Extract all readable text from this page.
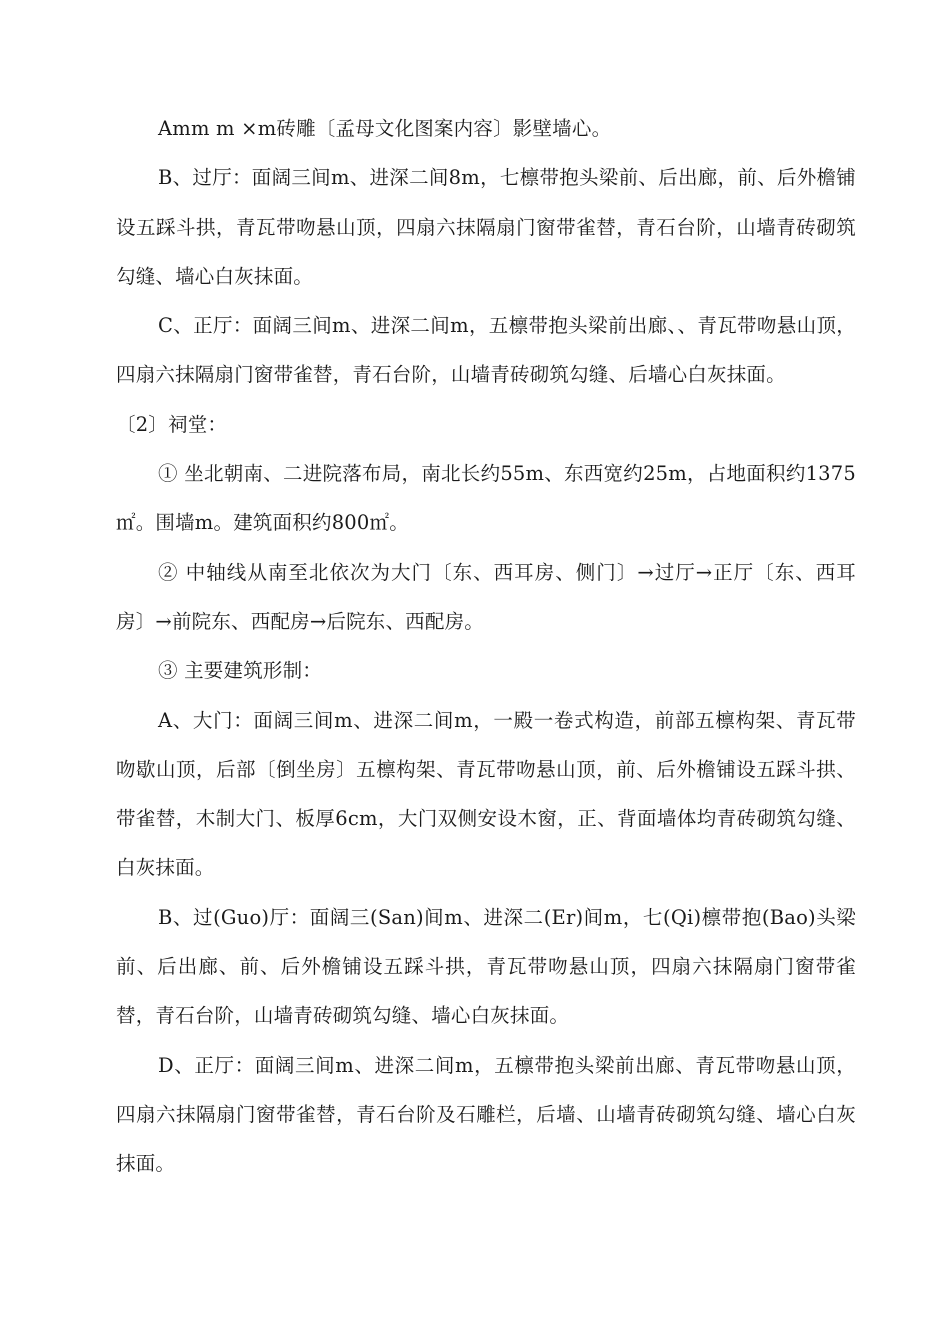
Amm m ×m砖雕〔孟母文化图案内容〕影壁墙心。

B、过厅：面阔三间m、进深二间8m，七檩带抱头梁前、后出廊，前、后外檐铺设五踩斗拱，青瓦带吻悬山顶，四扇六抹隔扇门窗带雀替，青石台阶，山墙青砖砌筑勾缝、墙心白灰抹面。

C、正厅：面阔三间m、进深二间m，五檩带抱头梁前出廊、、青瓦带吻悬山顶，四扇六抹隔扇门窗带雀替，青石台阶，山墙青砖砌筑勾缝、后墙心白灰抹面。

〔2〕祠堂：

① 坐北朝南、二进院落布局，南北长约55m、东西宽约25m，占地面积约1375㎡。围墙m。建筑面积约800㎡。

② 中轴线从南至北依次为大门〔东、西耳房、侧门〕→过厅→正厅〔东、西耳房〕→前院东、西配房→后院东、西配房。

③ 主要建筑形制：

A、大门：面阔三间m、进深二间m，一殿一卷式构造，前部五檩构架、青瓦带吻歇山顶，后部〔倒坐房〕五檩构架、青瓦带吻悬山顶，前、后外檐铺设五踩斗拱、带雀替，木制大门、板厚6cm，大门双侧安设木窗，正、背面墙体均青砖砌筑勾缝、白灰抹面。

B、过(Guo)厅：面阔三(San)间m、进深二(Er)间m，七(Qi)檩带抱(Bao)头梁前、后出廊、前、后外檐铺设五踩斗拱，青瓦带吻悬山顶，四扇六抹隔扇门窗带雀替，青石台阶，山墙青砖砌筑勾缝、墙心白灰抹面。

D、正厅：面阔三间m、进深二间m，五檩带抱头梁前出廊、青瓦带吻悬山顶，四扇六抹隔扇门窗带雀替，青石台阶及石雕栏，后墙、山墙青砖砌筑勾缝、墙心白灰抹面。
